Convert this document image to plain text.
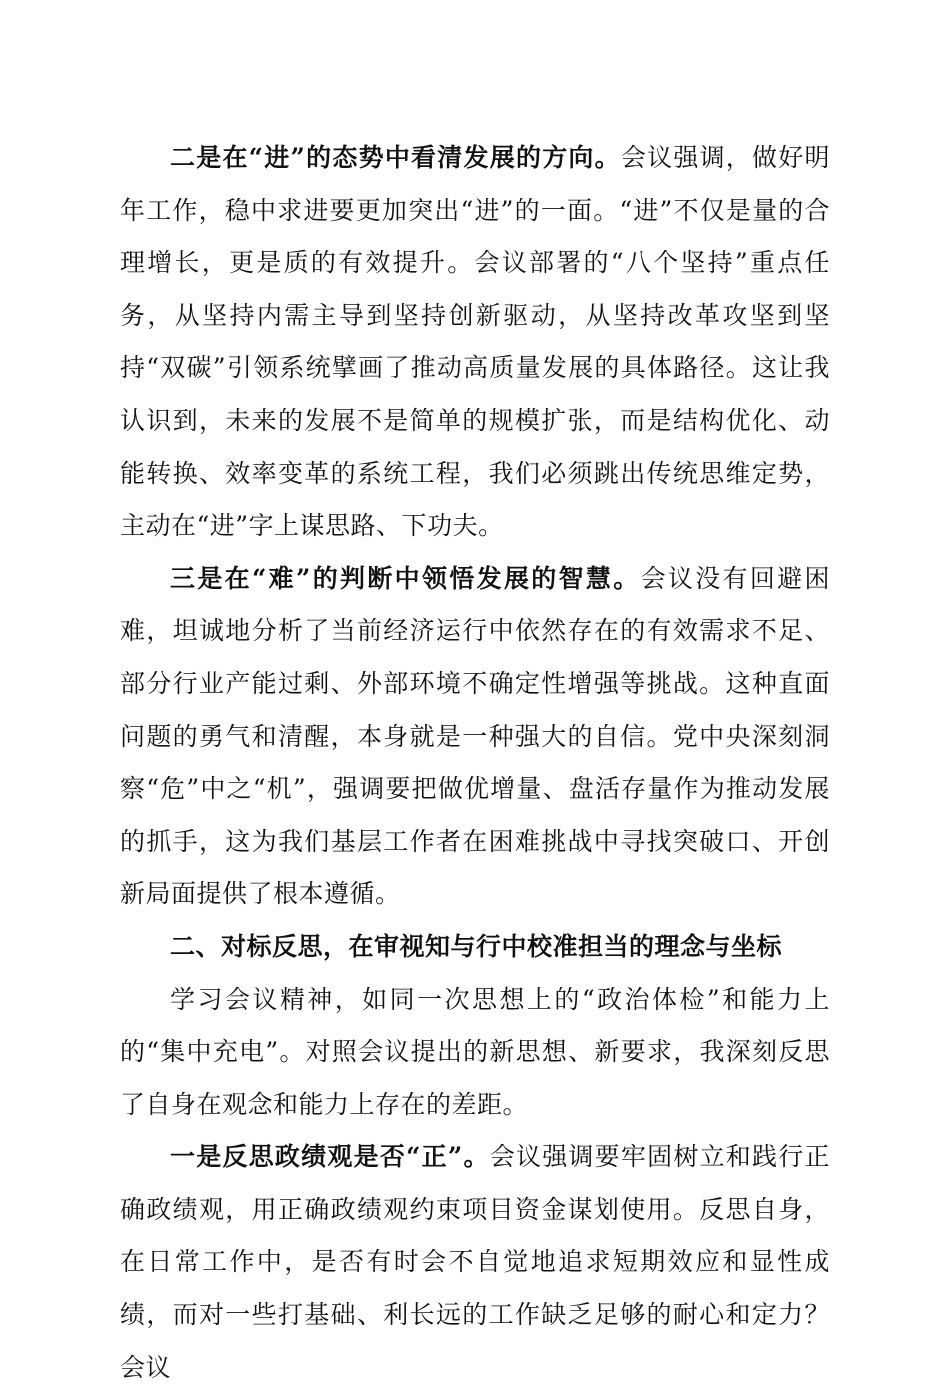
二是在“进”的态势中看清发展的方向。会议强调，做好明年工作，稳中求进要更加突出“进”的一面。“进”不仅是量的合理增长，更是质的有效提升。会议部署的“八个坚持”重点任务，从坚持内需主导到坚持创新驱动，从坚持改革攻坚到坚持“双碳”引领系统擘画了推动高质量发展的具体路径。这让我认识到，未来的发展不是简单的规模扩张，而是结构优化、动能转换、效率变革的系统工程，我们必须跳出传统思维定势，主动在“进”字上谋思路、下功夫。

三是在“难”的判断中领悟发展的智慧。会议没有回避困难，坦诚地分析了当前经济运行中依然存在的有效需求不足、部分行业产能过剩、外部环境不确定性增强等挑战。这种直面问题的勇气和清醒，本身就是一种强大的自信。党中央深刻洞察“危”中之“机”，强调要把做优增量、盘活存量作为推动发展的抓手，这为我们基层工作者在困难挑战中寻找突破口、开创新局面提供了根本遵循。

二、对标反思，在审视知与行中校准担当的理念与坐标

学习会议精神，如同一次思想上的“政治体检”和能力上的“集中充电”。对照会议提出的新思想、新要求，我深刻反思了自身在观念和能力上存在的差距。

一是反思政绩观是否“正”。会议强调要牢固树立和践行正确政绩观，用正确政绩观约束项目资金谋划使用。反思自身，在日常工作中，是否有时会不自觉地追求短期效应和显性成绩，而对一些打基础、利长远的工作缺乏足够的耐心和定力？会议
